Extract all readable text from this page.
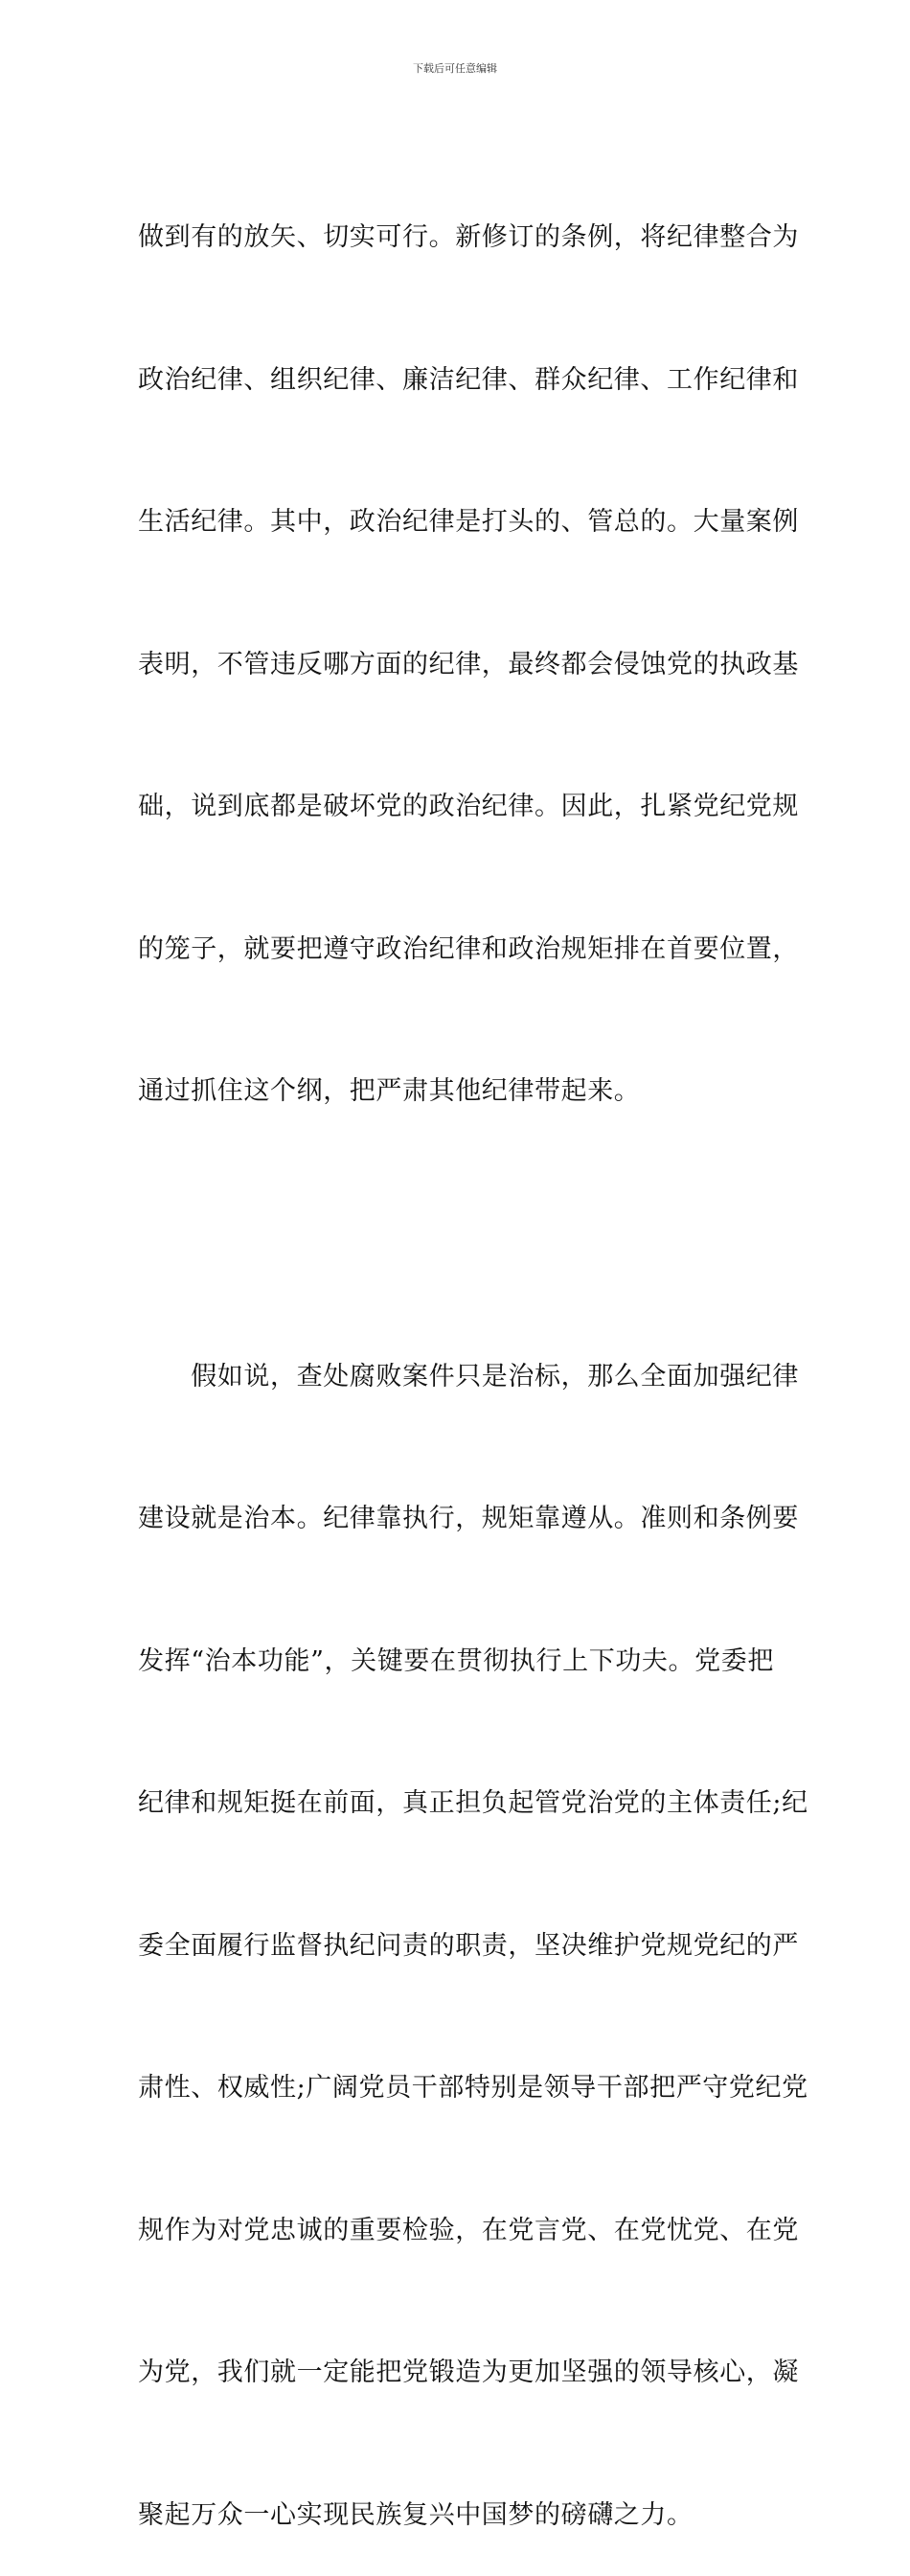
下载后可任意编辑

做到有的放矢、切实可行。新修订的条例，将纪律整合为

政治纪律、组织纪律、廉洁纪律、群众纪律、工作纪律和

生活纪律。其中，政治纪律是打头的、管总的。大量案例

表明，不管违反哪方面的纪律，最终都会侵蚀党的执政基

础，说到底都是破坏党的政治纪律。因此，扎紧党纪党规

的笼子，就要把遵守政治纪律和政治规矩排在首要位置，

通过抓住这个纲，把严肃其他纪律带起来。

　　假如说，查处腐败案件只是治标，那么全面加强纪律

建设就是治本。纪律靠执行，规矩靠遵从。准则和条例要

发挥“治本功能”，关键要在贯彻执行上下功夫。党委把

纪律和规矩挺在前面，真正担负起管党治党的主体责任;纪

委全面履行监督执纪问责的职责，坚决维护党规党纪的严

肃性、权威性;广阔党员干部特别是领导干部把严守党纪党

规作为对党忠诚的重要检验，在党言党、在党忧党、在党

为党，我们就一定能把党锻造为更加坚强的领导核心，凝

聚起万众一心实现民族复兴中国梦的磅礴之力。
